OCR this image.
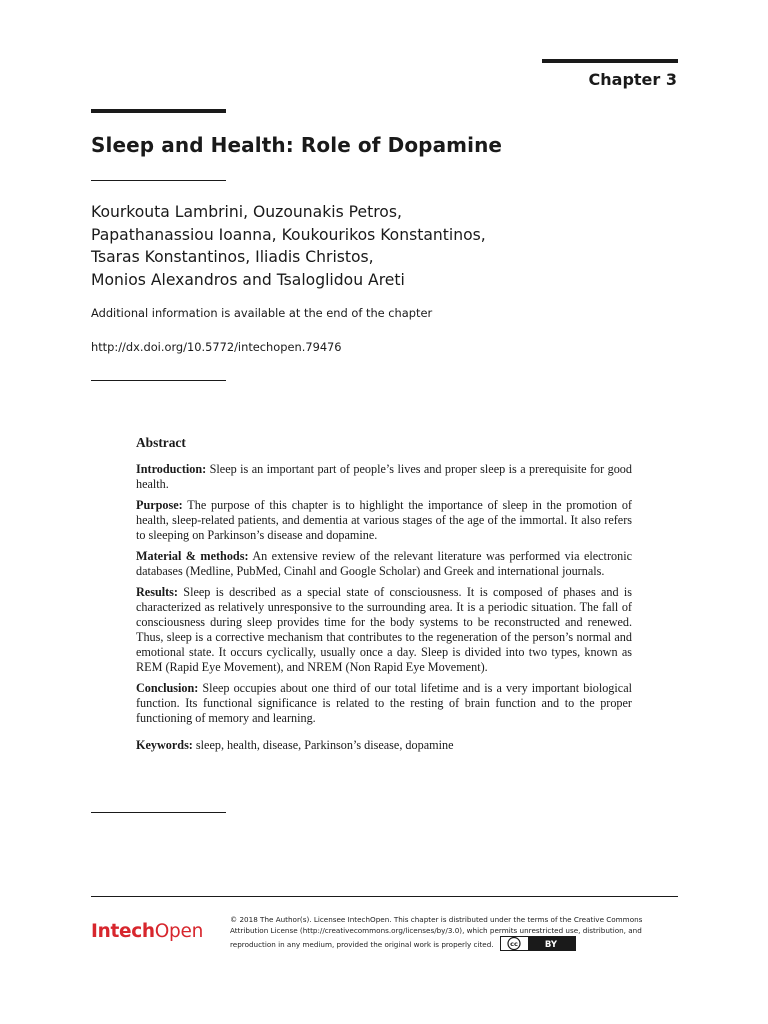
Chapter 3
Sleep and Health: Role of Dopamine
Kourkouta Lambrini, Ouzounakis Petros,
Papathanassiou Ioanna, Koukourikos Konstantinos,
Tsaras Konstantinos, Iliadis Christos,
Monios Alexandros and Tsaloglidou Areti
Additional information is available at the end of the chapter
http://dx.doi.org/10.5772/intechopen.79476
Abstract

Introduction: Sleep is an important part of people’s lives and proper sleep is a prerequisite for good health.

Purpose: The purpose of this chapter is to highlight the importance of sleep in the promotion of health, sleep-related patients, and dementia at various stages of the age of the immortal. It also refers to sleeping on Parkinson’s disease and dopamine.

Material & methods: An extensive review of the relevant literature was performed via electronic databases (Medline, PubMed, Cinahl and Google Scholar) and Greek and international journals.

Results: Sleep is described as a special state of consciousness. It is composed of phases and is characterized as relatively unresponsive to the surrounding area. It is a periodic situation. The fall of consciousness during sleep provides time for the body systems to be reconstructed and renewed. Thus, sleep is a corrective mechanism that contributes to the regeneration of the person’s normal and emotional state. It occurs cyclically, usually once a day. Sleep is divided into two types, known as REM (Rapid Eye Movement), and NREM (Non Rapid Eye Movement).

Conclusion: Sleep occupies about one third of our total lifetime and is a very important biological function. Its functional significance is related to the resting of brain function and to the proper functioning of memory and learning.

Keywords: sleep, health, disease, Parkinson’s disease, dopamine

IntechOpen
© 2018 The Author(s). Licensee IntechOpen. This chapter is distributed under the terms of the Creative Commons Attribution License (http://creativecommons.org/licenses/by/3.0), which permits unrestricted use, distribution, and reproduction in any medium, provided the original work is properly cited.	cc	BY
